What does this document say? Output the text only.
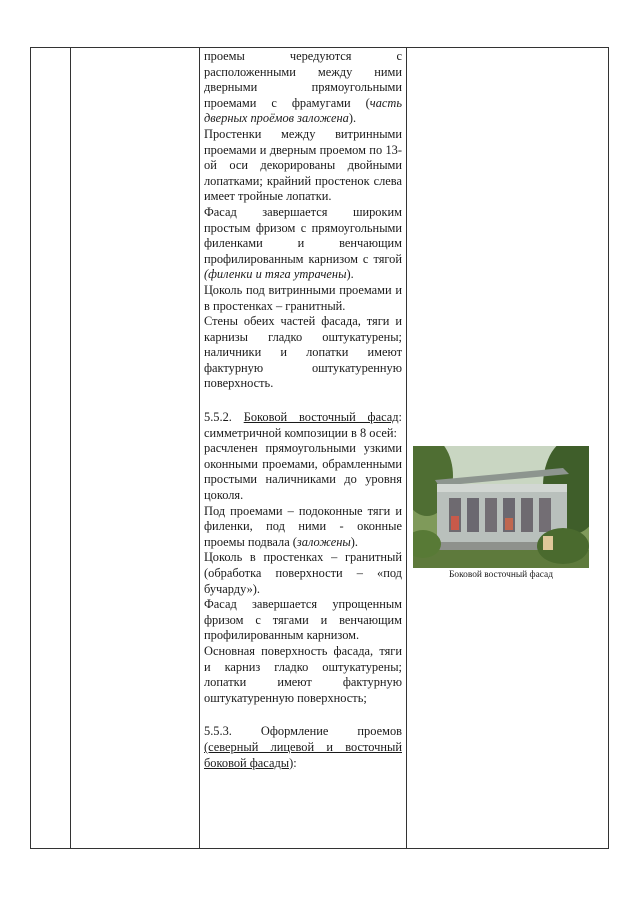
проемы чередуются с расположенными между ними дверными прямоугольными проемами с фрамугами (часть дверных проёмов заложена).

Простенки между витринными проемами и дверным проемом по 13-ой оси декорированы двойными лопатками; крайний простенок слева имеет тройные лопатки.

Фасад завершается широким простым фризом с прямоугольными филенками и венчающим профилированным карнизом с тягой (филенки и тяга утрачены).

Цоколь под витринными проемами и в простенках – гранитный.

Стены обеих частей фасада, тяги и карнизы гладко оштукатурены; наличники и лопатки имеют фактурную оштукатуренную поверхность.

5.5.2. Боковой восточный фасад: симметричной композиции в 8 осей:

расчленен прямоугольными узкими оконными проемами, обрамленными простыми наличниками до уровня цоколя.

Под проемами – подоконные тяги и филенки, под ними - оконные проемы подвала (заложены).

Цоколь в простенках – гранитный (обработка поверхности – «под бучарду»).

Фасад завершается упрощенным фризом с тягами и венчающим профилированным карнизом.

Основная поверхность фасада, тяги и карниз гладко оштукатурены; лопатки имеют фактурную оштукатуренную поверхность;

5.5.3. Оформление проемов (северный лицевой и восточный боковой фасады):

Боковой восточный фасад
